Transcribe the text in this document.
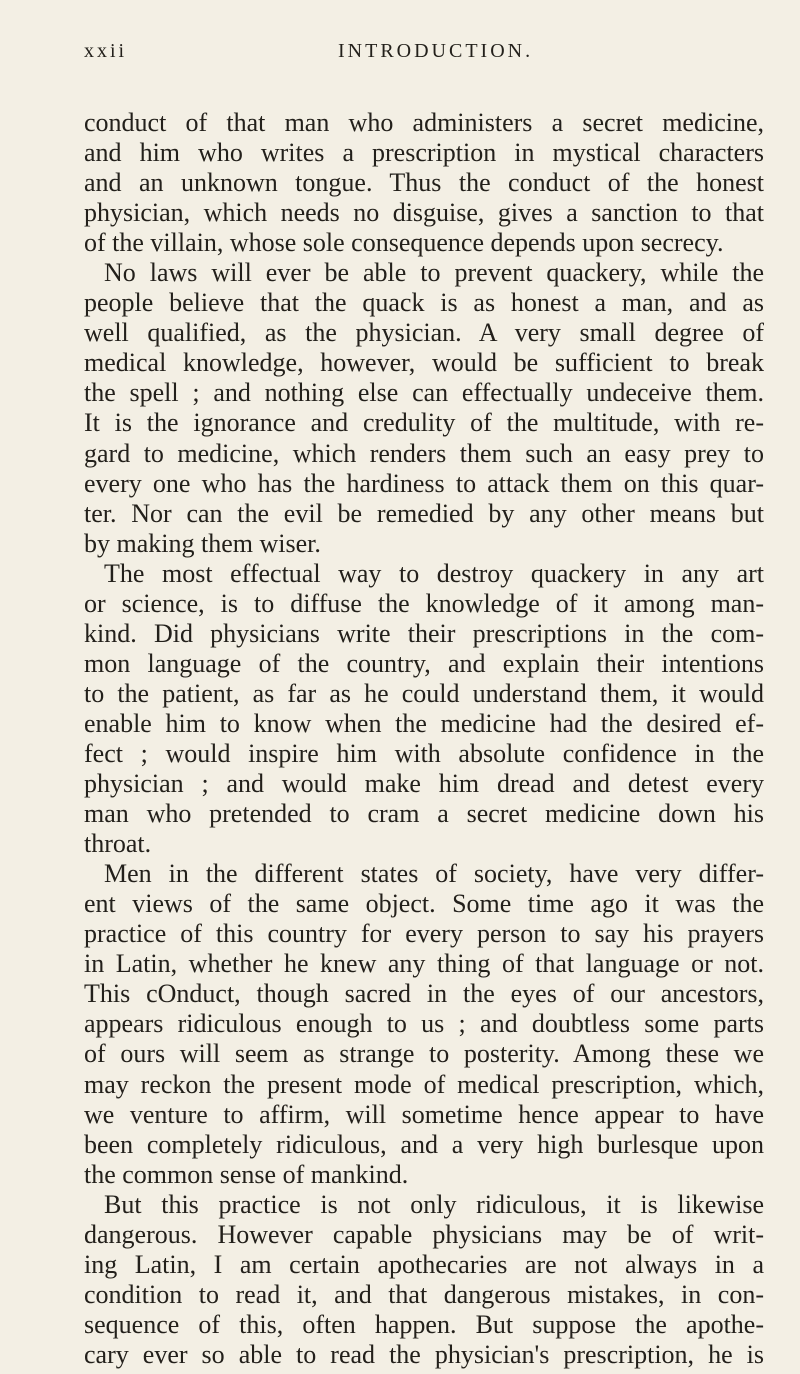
xxii	INTRODUCTION.
conduct of that man who administers a secret medicine,
and him who writes a prescription in mystical characters
and an unknown tongue. Thus the conduct of the honest
physician, which needs no disguise, gives a sanction to that
of the villain, whose sole consequence depends upon secrecy.
No laws will ever be able to prevent quackery, while the
people believe that the quack is as honest a man, and as
well qualified, as the physician. A very small degree of
medical knowledge, however, would be sufficient to break
the spell ; and nothing else can effectually undeceive them.
It is the ignorance and credulity of the multitude, with re-
gard to medicine, which renders them such an easy prey to
every one who has the hardiness to attack them on this quar-
ter. Nor can the evil be remedied by any other means but
by making them wiser.
The most effectual way to destroy quackery in any art
or science, is to diffuse the knowledge of it among man-
kind. Did physicians write their prescriptions in the com-
mon language of the country, and explain their intentions
to the patient, as far as he could understand them, it would
enable him to know when the medicine had the desired ef-
fect ; would inspire him with absolute confidence in the
physician ; and would make him dread and detest every
man who pretended to cram a secret medicine down his
throat.
Men in the different states of society, have very differ-
ent views of the same object. Some time ago it was the
practice of this country for every person to say his prayers
in Latin, whether he knew any thing of that language or not.
This cOnduct, though sacred in the eyes of our ancestors,
appears ridiculous enough to us ; and doubtless some parts
of ours will seem as strange to posterity. Among these we
may reckon the present mode of medical prescription, which,
we venture to affirm, will sometime hence appear to have
been completely ridiculous, and a very high burlesque upon
the common sense of mankind.
But this practice is not only ridiculous, it is likewise
dangerous. However capable physicians may be of writ-
ing Latin, I am certain apothecaries are not always in a
condition to read it, and that dangerous mistakes, in con-
sequence of this, often happen. But suppose the apothe-
cary ever so able to read the physician's prescription, he is
